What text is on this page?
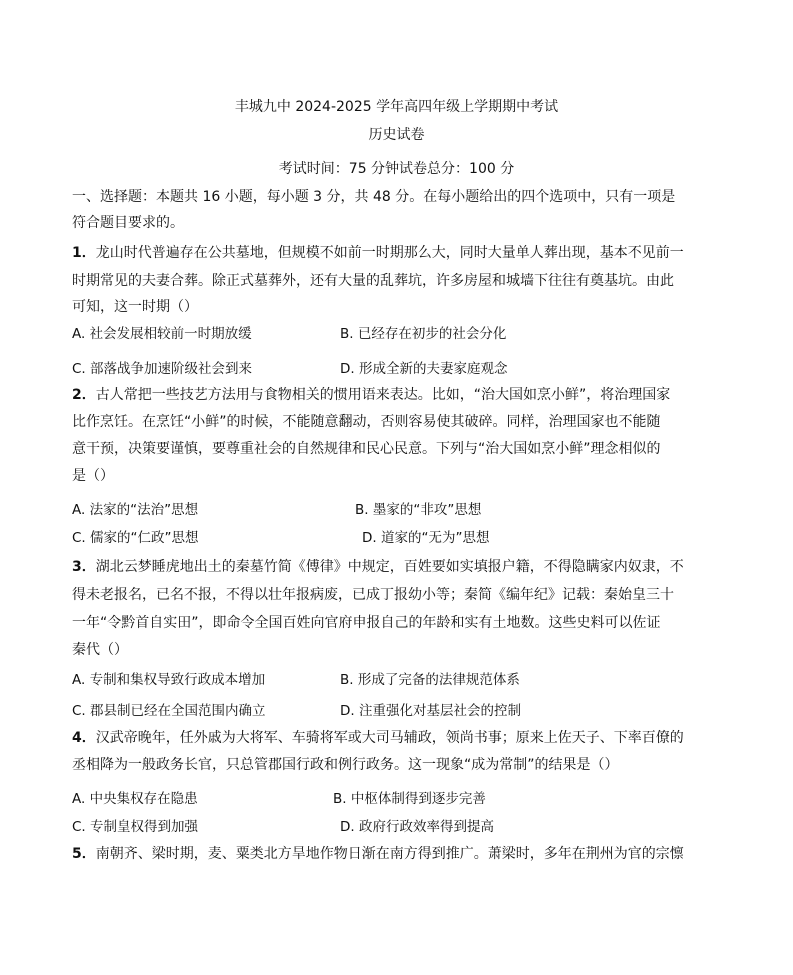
丰城九中 2024-2025 学年高四年级上学期期中考试
历史试卷
考试时间：75 分钟试卷总分：100 分
一、选择题：本题共 16 小题，每小题 3 分，共 48 分。在每小题给出的四个选项中，只有一项是
符合题目要求的。
1．龙山时代普遍存在公共墓地，但规模不如前一时期那么大，同时大量单人葬出现，基本不见前一
时期常见的夫妻合葬。除正式墓葬外，还有大量的乱葬坑，许多房屋和城墙下往往有奠基坑。由此
可知，这一时期（）
A. 社会发展相较前一时期放缓	B. 已经存在初步的社会分化
C. 部落战争加速阶级社会到来	D. 形成全新的夫妻家庭观念
2．古人常把一些技艺方法用与食物相关的惯用语来表达。比如，“治大国如烹小鲜”，将治理国家
比作烹饪。在烹饪“小鲜”的时候，不能随意翻动，否则容易使其破碎。同样，治理国家也不能随
意干预，决策要谨慎，要尊重社会的自然规律和民心民意。下列与“治大国如烹小鲜”理念相似的
是（）
A. 法家的“法治”思想	B. 墨家的“非攻”思想
C. 儒家的“仁政”思想	D. 道家的“无为”思想
3．湖北云梦睡虎地出土的秦墓竹简《傅律》中规定，百姓要如实填报户籍，不得隐瞒家内奴隶，不
得未老报名，已名不报，不得以壮年报病废，已成丁报幼小等；秦简《编年纪》记载：秦始皇三十
一年“令黔首自实田”，即命令全国百姓向官府申报自己的年龄和实有土地数。这些史料可以佐证
秦代（）
A. 专制和集权导致行政成本增加	B. 形成了完备的法律规范体系
C. 郡县制已经在全国范围内确立	D. 注重强化对基层社会的控制
4．汉武帝晚年，任外戚为大将军、车骑将军或大司马辅政，领尚书事；原来上佐天子、下率百僚的
丞相降为一般政务长官，只总管郡国行政和例行政务。这一现象“成为常制”的结果是（）
A. 中央集权存在隐患	B. 中枢体制得到逐步完善
C. 专制皇权得到加强	D. 政府行政效率得到提高
5．南朝齐、梁时期，麦、粟类北方旱地作物日渐在南方得到推广。萧梁时，多年在荆州为官的宗懔
